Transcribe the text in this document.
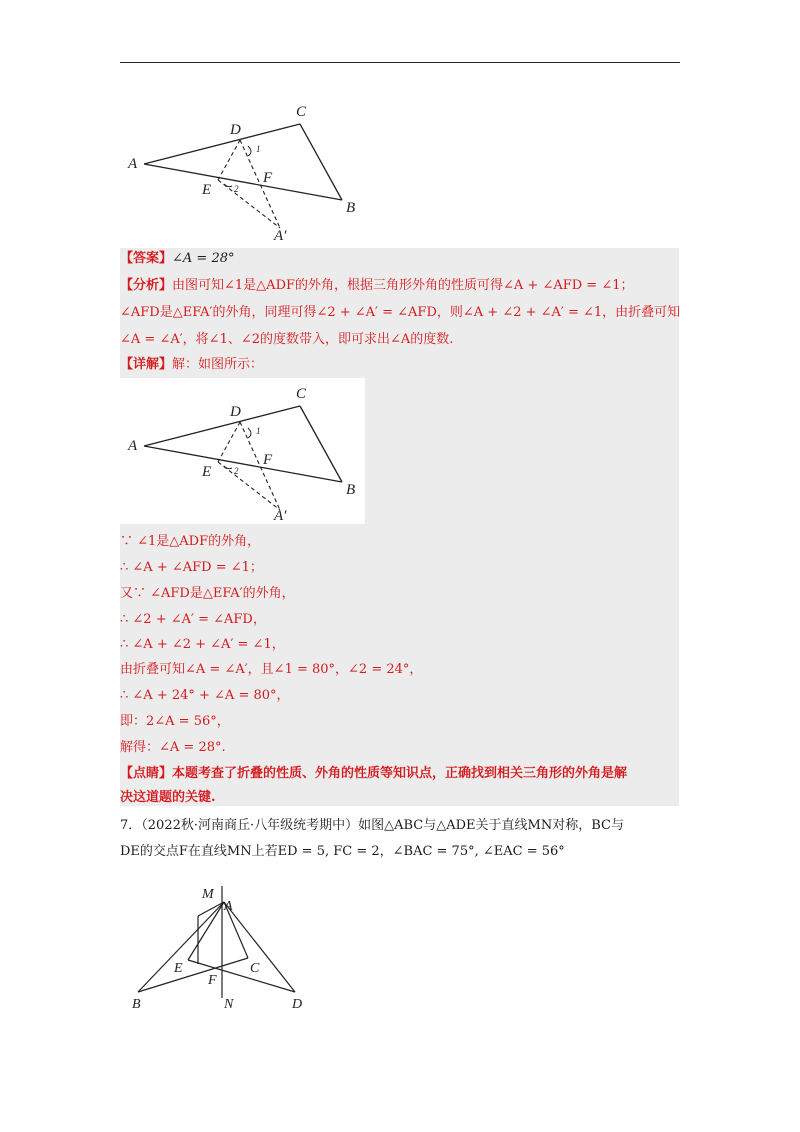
A
C
D
B
E
F
A′
1
2
【答案】∠A = 28°
【分析】由图可知∠1是△ADF的外角，根据三角形外角的性质可得∠A + ∠AFD = ∠1；
∠AFD是△EFA′的外角，同理可得∠2 + ∠A′ = ∠AFD，则∠A + ∠2 + ∠A′ = ∠1，由折叠可知
∠A = ∠A′，将∠1、∠2的度数带入，即可求出∠A的度数.
【详解】解：如图所示：
A
C
D
B
E
F
A′
1
2
∵ ∠1是△ADF的外角，
∴ ∠A + ∠AFD = ∠1；
又∵ ∠AFD是△EFA′的外角，
∴ ∠2 + ∠A′ = ∠AFD，
∴ ∠A + ∠2 + ∠A′ = ∠1，
由折叠可知∠A = ∠A′，且∠1 = 80°，∠2 = 24°，
∴ ∠A + 24° + ∠A = 80°，
即：2∠A = 56°，
解得：∠A = 28°.
【点睛】本题考查了折叠的性质、外角的性质等知识点，正确找到相关三角形的外角是解
决这道题的关键.
7．（2022秋·河南商丘·八年级统考期中）如图△ABC与△ADE关于直线MN对称，BC与
DE的交点F在直线MN上若ED = 5, FC = 2，∠BAC = 75°, ∠EAC = 56°
M
A
E	C
F
B	N	D
